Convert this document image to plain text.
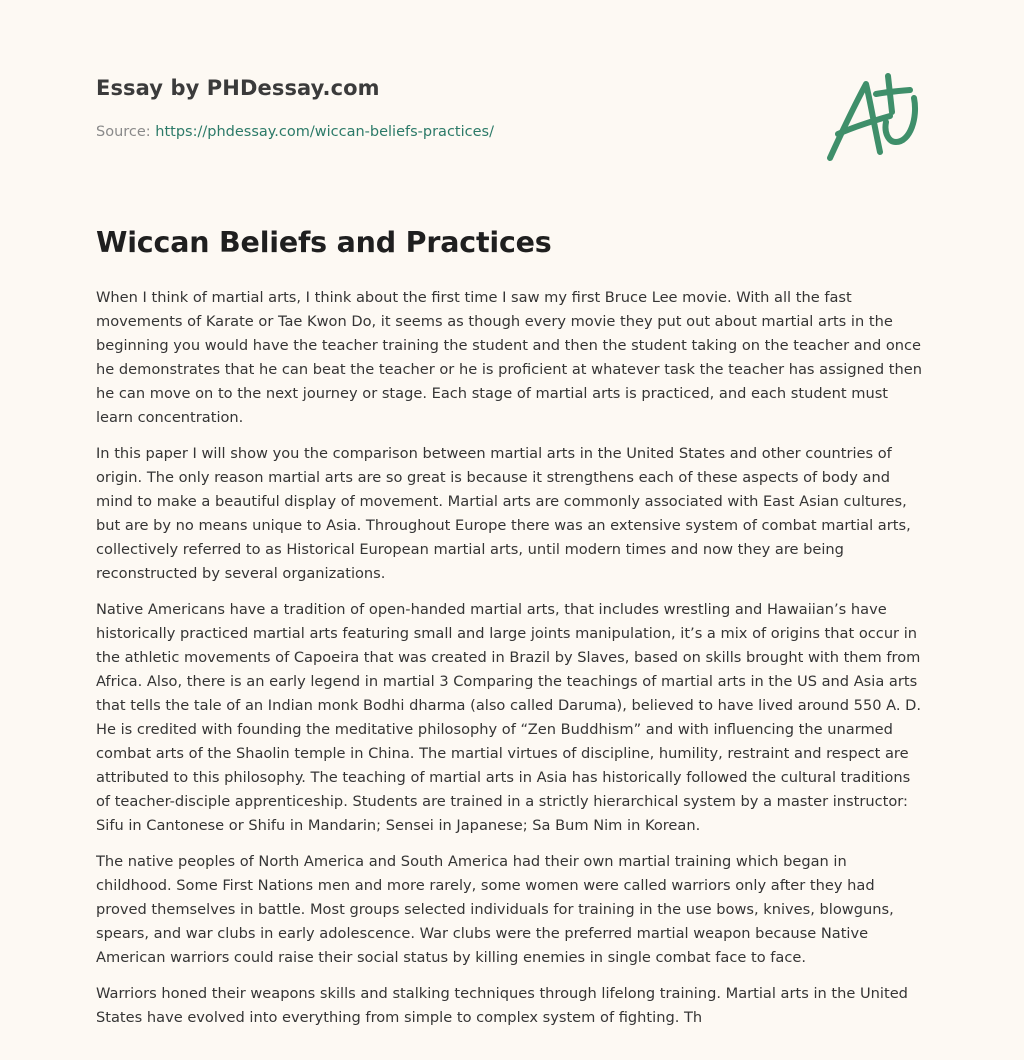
Essay by PHDessay.com
Source: https://phdessay.com/wiccan-beliefs-practices/
Wiccan Beliefs and Practices

When I think of martial arts, I think about the first time I saw my first Bruce Lee movie. With all the fast movements of Karate or Tae Kwon Do, it seems as though every movie they put out about martial arts in the beginning you would have the teacher training the student and then the student taking on the teacher and once he demonstrates that he can beat the teacher or he is proficient at whatever task the teacher has assigned then he can move on to the next journey or stage. Each stage of martial arts is practiced, and each student must learn concentration.

In this paper I will show you the comparison between martial arts in the United States and other countries of origin. The only reason martial arts are so great is because it strengthens each of these aspects of body and mind to make a beautiful display of movement. Martial arts are commonly associated with East Asian cultures, but are by no means unique to Asia. Throughout Europe there was an extensive system of combat martial arts, collectively referred to as Historical European martial arts, until modern times and now they are being reconstructed by several organizations.

Native Americans have a tradition of open-handed martial arts, that includes wrestling and Hawaiian’s have historically practiced martial arts featuring small and large joints manipulation, it’s a mix of origins that occur in the athletic movements of Capoeira that was created in Brazil by Slaves, based on skills brought with them from Africa. Also, there is an early legend in martial 3 Comparing the teachings of martial arts in the US and Asia arts that tells the tale of an Indian monk Bodhi dharma (also called Daruma), believed to have lived around 550 A. D. He is credited with founding the meditative philosophy of “Zen Buddhism” and with influencing the unarmed combat arts of the Shaolin temple in China. The martial virtues of discipline, humility, restraint and respect are attributed to this philosophy. The teaching of martial arts in Asia has historically followed the cultural traditions of teacher-disciple apprenticeship. Students are trained in a strictly hierarchical system by a master instructor: Sifu in Cantonese or Shifu in Mandarin; Sensei in Japanese; Sa Bum Nim in Korean.

The native peoples of North America and South America had their own martial training which began in childhood. Some First Nations men and more rarely, some women were called warriors only after they had proved themselves in battle. Most groups selected individuals for training in the use bows, knives, blowguns, spears, and war clubs in early adolescence. War clubs were the preferred martial weapon because Native American warriors could raise their social status by killing enemies in single combat face to face.

Warriors honed their weapons skills and stalking techniques through lifelong training. Martial arts in the United States have evolved into everything from simple to complex system of fighting. Th
